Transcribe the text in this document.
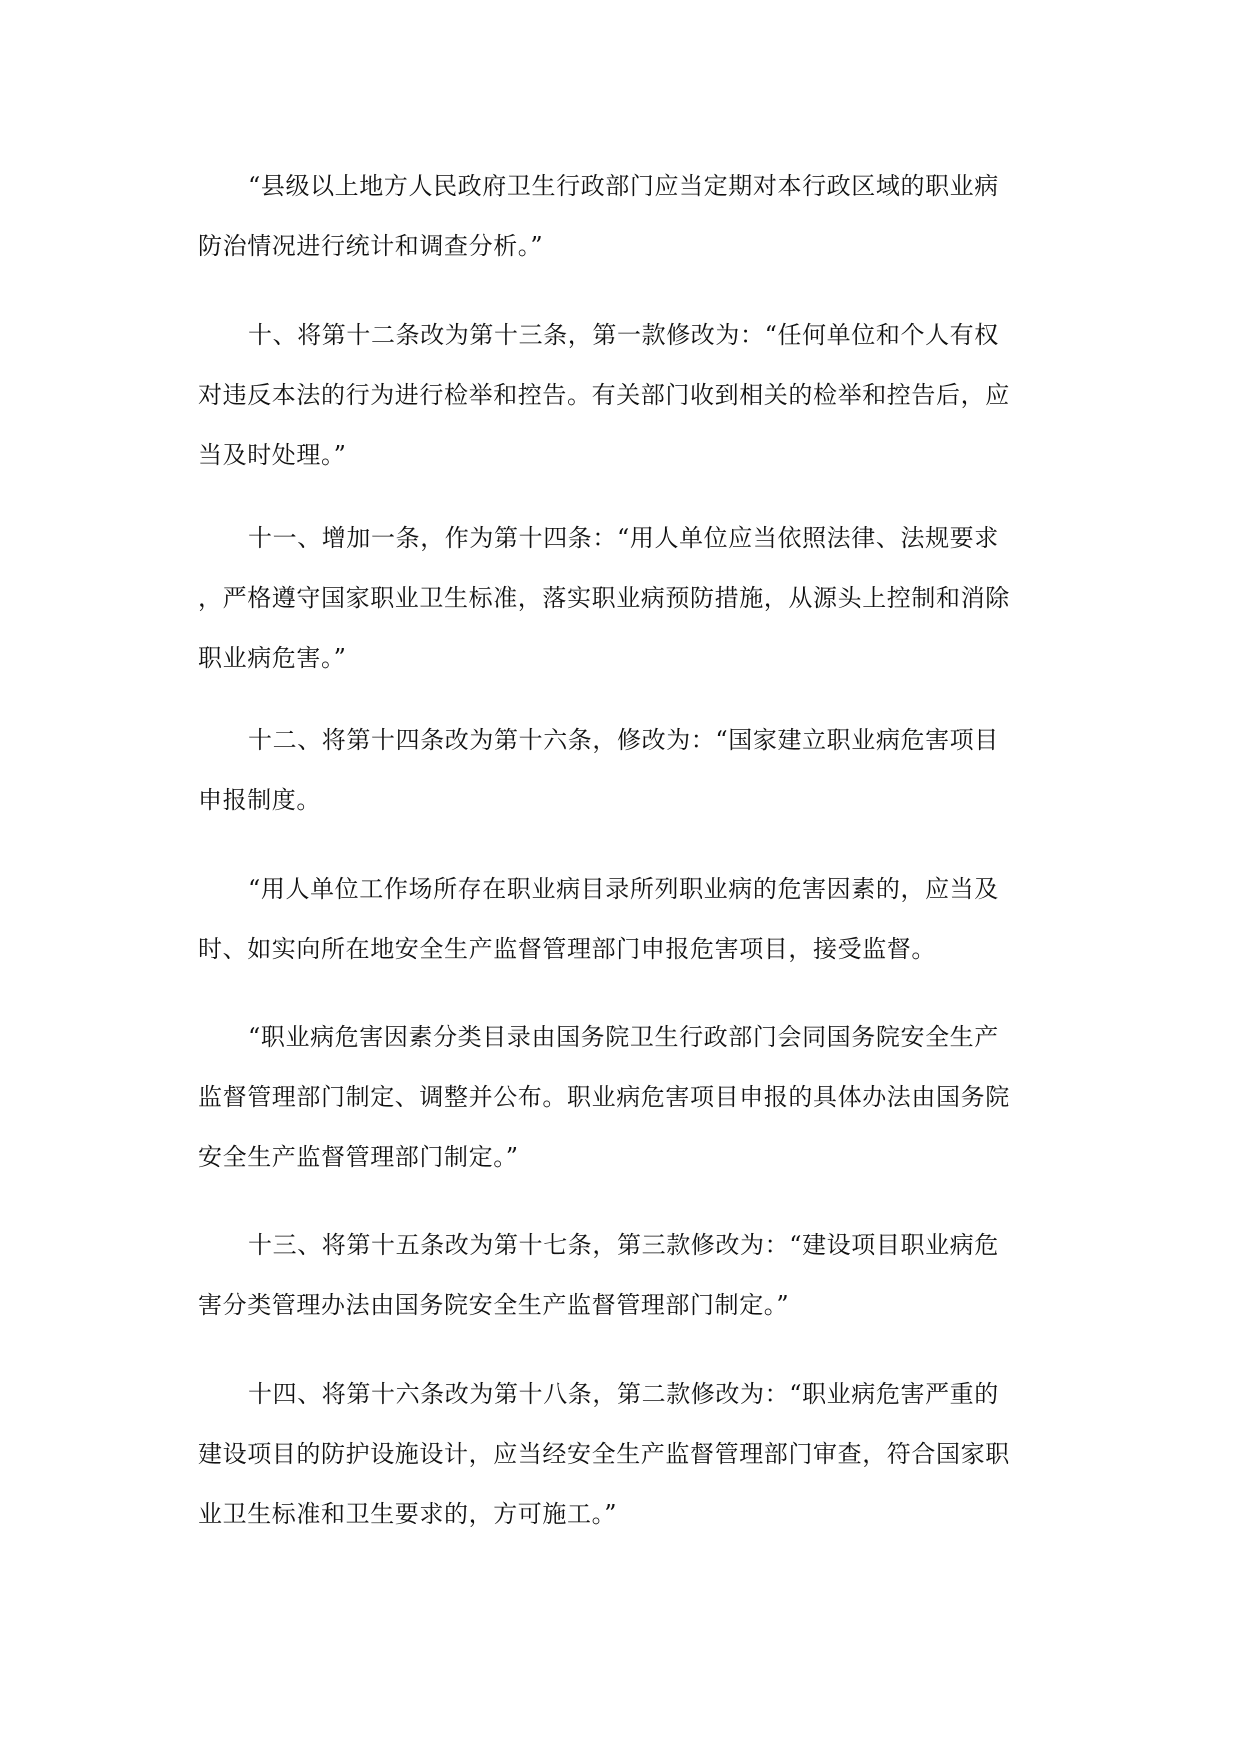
“县级以上地方人民政府卫生行政部门应当定期对本行政区域的职业病
防治情况进行统计和调查分析。”
十、将第十二条改为第十三条，第一款修改为：“任何单位和个人有权
对违反本法的行为进行检举和控告。有关部门收到相关的检举和控告后，应
当及时处理。”
十一、增加一条，作为第十四条：“用人单位应当依照法律、法规要求
，严格遵守国家职业卫生标准，落实职业病预防措施，从源头上控制和消除
职业病危害。”
十二、将第十四条改为第十六条，修改为：“国家建立职业病危害项目
申报制度。
“用人单位工作场所存在职业病目录所列职业病的危害因素的，应当及
时、如实向所在地安全生产监督管理部门申报危害项目，接受监督。
“职业病危害因素分类目录由国务院卫生行政部门会同国务院安全生产
监督管理部门制定、调整并公布。职业病危害项目申报的具体办法由国务院
安全生产监督管理部门制定。”
十三、将第十五条改为第十七条，第三款修改为：“建设项目职业病危
害分类管理办法由国务院安全生产监督管理部门制定。”
十四、将第十六条改为第十八条，第二款修改为：“职业病危害严重的
建设项目的防护设施设计，应当经安全生产监督管理部门审查，符合国家职
业卫生标准和卫生要求的，方可施工。”
